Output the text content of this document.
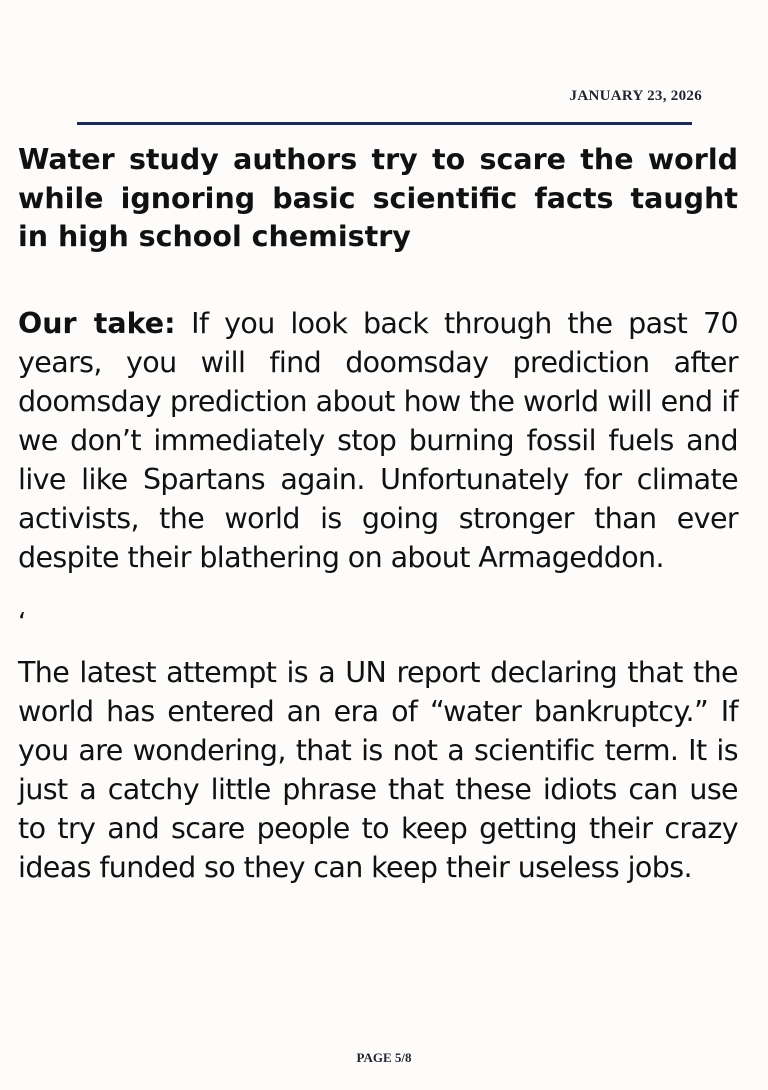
JANUARY 23, 2026
Water study authors try to scare the world while ignoring basic scientific facts taught in high school chemistry

Our take: If you look back through the past 70 years, you will find doomsday prediction after doomsday prediction about how the world will end if we don’t immediately stop burning fossil fuels and live like Spartans again. Unfortunately for climate activists, the world is going stronger than ever despite their blathering on about Armageddon.

‘

The latest attempt is a UN report declaring that the world has entered an era of “water bankruptcy.” If you are wondering, that is not a scientific term. It is just a catchy little phrase that these idiots can use to try and scare people to keep getting their crazy ideas funded so they can keep their useless jobs.

PAGE 5/8
